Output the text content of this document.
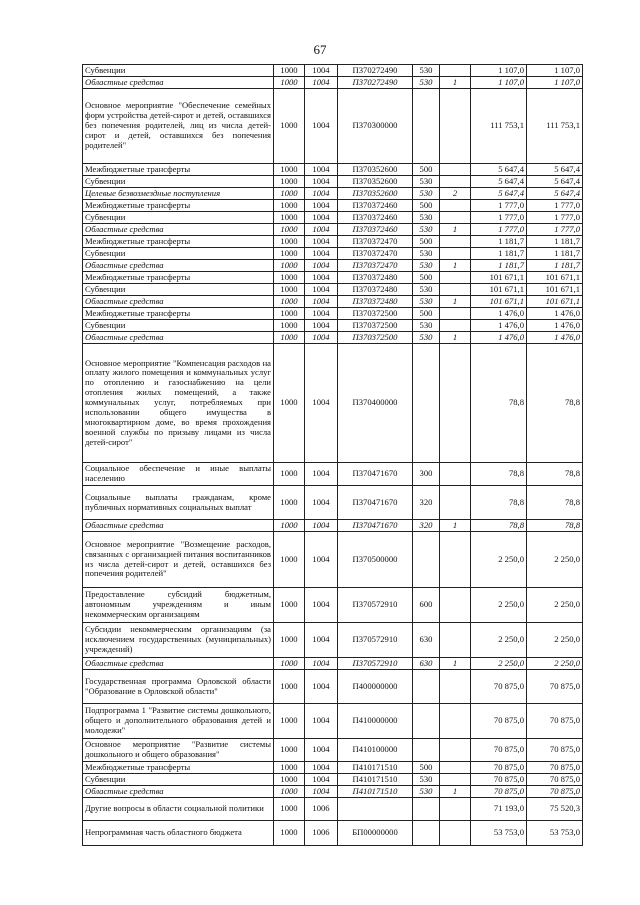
67
Субвенции	1000	1004	П370272490	530		1 107,0	1 107,0
Областные средства	1000	1004	П370272490	530	1	1 107,0	1 107,0
Основное мероприятие "Обеспечение семейных форм устройства детей-сирот и детей, оставшихся без попечения родителей, лиц из числа детей-сирот и детей, оставшихся без попечения родителей"	1000	1004	П370300000			111 753,1	111 753,1
Межбюджетные трансферты	1000	1004	П370352600	500		5 647,4	5 647,4
Субвенции	1000	1004	П370352600	530		5 647,4	5 647,4
Целевые безвозмездные поступления	1000	1004	П370352600	530	2	5 647,4	5 647,4
Межбюджетные трансферты	1000	1004	П370372460	500		1 777,0	1 777,0
Субвенции	1000	1004	П370372460	530		1 777,0	1 777,0
Областные средства	1000	1004	П370372460	530	1	1 777,0	1 777,0
Межбюджетные трансферты	1000	1004	П370372470	500		1 181,7	1 181,7
Субвенции	1000	1004	П370372470	530		1 181,7	1 181,7
Областные средства	1000	1004	П370372470	530	1	1 181,7	1 181,7
Межбюджетные трансферты	1000	1004	П370372480	500		101 671,1	101 671,1
Субвенции	1000	1004	П370372480	530		101 671,1	101 671,1
Областные средства	1000	1004	П370372480	530	1	101 671,1	101 671,1
Межбюджетные трансферты	1000	1004	П370372500	500		1 476,0	1 476,0
Субвенции	1000	1004	П370372500	530		1 476,0	1 476,0
Областные средства	1000	1004	П370372500	530	1	1 476,0	1 476,0
Основное мероприятие "Компенсация расходов на оплату жилого помещения и коммунальных услуг по отоплению и газоснабжению на цели отопления жилых помещений, а также коммунальных услуг, потребляемых при использовании общего имущества в многоквартирном доме, во время прохождения военной службы по призыву лицами из числа детей-сирот"	1000	1004	П370400000			78,8	78,8
Социальное обеспечение и иные выплаты населению	1000	1004	П370471670	300		78,8	78,8
Социальные выплаты гражданам, кроме публичных нормативных социальных выплат	1000	1004	П370471670	320		78,8	78,8
Областные средства	1000	1004	П370471670	320	1	78,8	78,8
Основное мероприятие "Возмещение расходов, связанных с организацией питания воспитанников из числа детей-сирот и детей, оставшихся без попечения родителей"	1000	1004	П370500000			2 250,0	2 250,0
Предоставление субсидий бюджетным, автономным учреждениям и иным некоммерческим организациям	1000	1004	П370572910	600		2 250,0	2 250,0
Субсидии некоммерческим организациям (за исключением государственных (муниципальных) учреждений)	1000	1004	П370572910	630		2 250,0	2 250,0
Областные средства	1000	1004	П370572910	630	1	2 250,0	2 250,0
Государственная программа Орловской области "Образование в Орловской области"	1000	1004	П400000000			70 875,0	70 875,0
Подпрограмма 1 "Развитие системы дошкольного, общего и дополнительного образования детей и молодежи"	1000	1004	П410000000			70 875,0	70 875,0
Основное мероприятие "Развитие системы дошкольного и общего образования"	1000	1004	П410100000			70 875,0	70 875,0
Межбюджетные трансферты	1000	1004	П410171510	500		70 875,0	70 875,0
Субвенции	1000	1004	П410171510	530		70 875,0	70 875,0
Областные средства	1000	1004	П410171510	530	1	70 875,0	70 875,0
Другие вопросы в области социальной политики	1000	1006				71 193,0	75 520,3
Непрограммная часть областного бюджета	1000	1006	БП00000000			53 753,0	53 753,0
